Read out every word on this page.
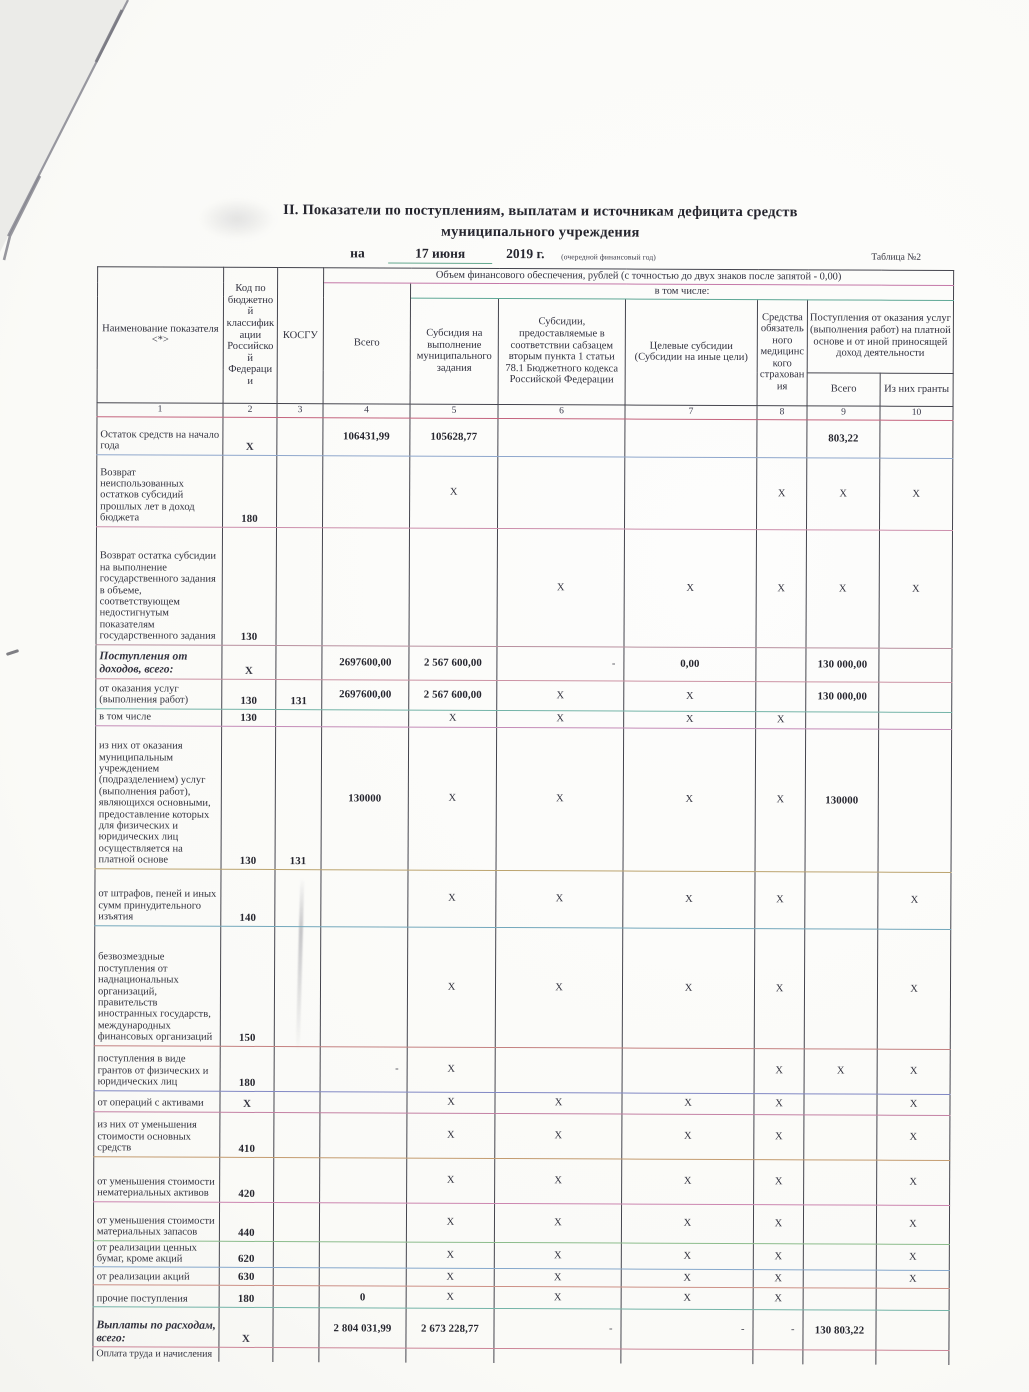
II. Показатели по поступлениям, выплатам и источникам дефицита средств
муниципального учреждения
на	17 июня	2019 г. (очередной финансовый год)	Таблица №2
Наименование показателя <*>	Код по бюджетной классификации Российской Федерации	КОСГУ	Объем финансового обеспечения, рублей (с точностью до двух знаков после запятой - 0,00)						
			Всего	в том числе:					
				Субсидия на выполнение муниципального задания	Субсидии, предоставляемые в соответствии сабзацем вторым пункта 1 статьи 78.1 Бюджетного кодекса Российской Федерации	Целевые субсидии (Субсидии на иные цели)	Средства обязательного медицинского страхования	Поступления от оказания услуг (выполнения работ) на платной основе и от иной приносящей доход деятельности	
								Всего	Из них гранты
1	2	3	4	5	6	7	8	9	10
Остаток средств на начало года	X		106431,99	105628,77				803,22	
Возврат неиспользованных остатков субсидий прошлых лет в доход бюджета	180			X			X	X	X
Возврат остатка субсидии на выполнение государственного задания в объеме, соответствующем недостигнутым показателям государственного задания	130				X	X	X	X	X
Поступления от доходов, всего:	X		2697600,00	2 567 600,00	-	0,00		130 000,00	
от оказания услуг (выполнения работ)	130	131	2697600,00	2 567 600,00	X	X		130 000,00	
в том числе	130			X	X	X	X		
из них от оказания муниципальным учреждением (подразделением) услуг (выполнения работ), являющихся основными, предоставление которых для физических и юридических лиц осуществляется на платной основе	130	131	130000	X	X	X	X	130000	
от штрафов, пеней и иных сумм принудительного изъятия	140			X	X	X	X		X
безвозмездные поступления от наднациональных организаций, правительств иностранных государств, международных финансовых организаций	150			X	X	X	X		X
поступления в виде грантов от физических и юридических лиц	180		-	X			X	X	X
от операций с активами	X			X	X	X	X		X
из них от уменьшения стоимости основных средств	410			X	X	X	X		X
от уменьшения стоимости нематериальных активов	420			X	X	X	X		X
от уменьшения стоимости материальных запасов	440			X	X	X	X		X
от реализации ценных бумаг, кроме акций	620			X	X	X	X		X
от реализации акций	630			X	X	X	X		X
прочие поступления	180		0	X	X	X	X		
Выплаты по расходам, всего:	X		2 804 031,99	2 673 228,77	-	-	-	130 803,22	
Оплата труда и начисления									
